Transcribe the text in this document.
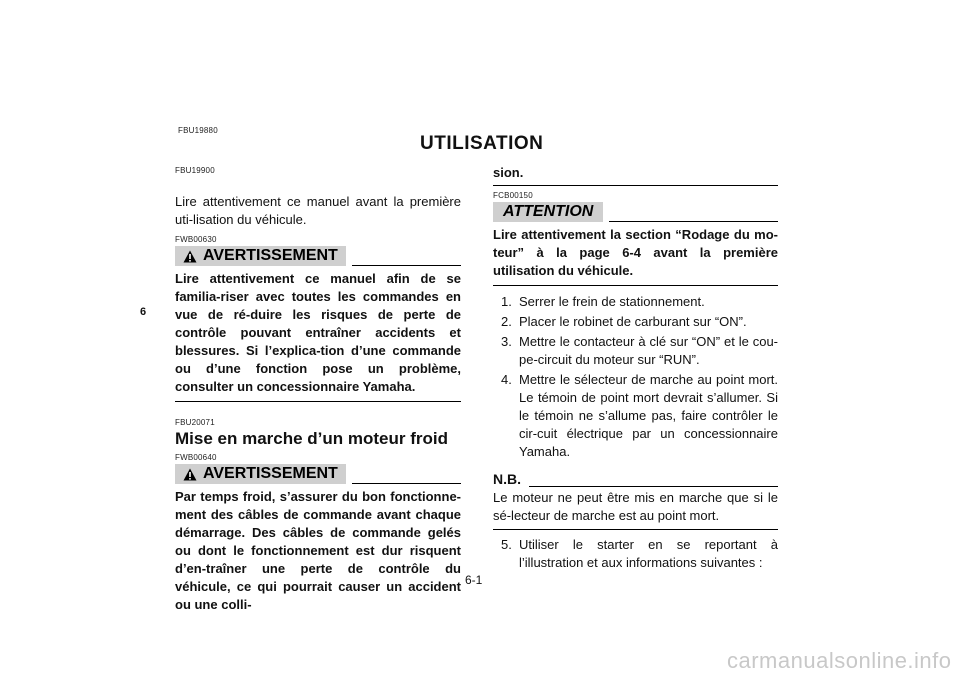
FBU19880
UTILISATION
6
FBU19900
Lire attentivement ce manuel avant la première uti-lisation du véhicule.
FWB00630
AVERTISSEMENT
Lire attentivement ce manuel afin de se familia-riser avec toutes les commandes en vue de ré-duire les risques de perte de contrôle pouvant entraîner accidents et blessures. Si l’explica-tion d’une commande ou d’une fonction pose un problème, consulter un concessionnaire Yamaha.
FBU20071
Mise en marche d’un moteur froid
FWB00640
AVERTISSEMENT
Par temps froid, s’assurer du bon fonctionne-ment des câbles de commande avant chaque démarrage. Des câbles de commande gelés ou dont le fonctionnement est dur risquent d’en-traîner une perte de contrôle du véhicule, ce qui pourrait causer un accident ou une colli-
sion.
FCB00150
ATTENTION
Lire attentivement la section “Rodage du mo-teur” à la page 6-4 avant la première utilisation du véhicule.
1. Serrer le frein de stationnement.
2. Placer le robinet de carburant sur “ON”.
3. Mettre le contacteur à clé sur “ON” et le cou-pe-circuit du moteur sur “RUN”.
4. Mettre le sélecteur de marche au point mort. Le témoin de point mort devrait s’allumer. Si le témoin ne s’allume pas, faire contrôler le cir-cuit électrique par un concessionnaire Yamaha.
N.B.
Le moteur ne peut être mis en marche que si le sé-lecteur de marche est au point mort.
5. Utiliser le starter en se reportant à l’illustration et aux informations suivantes :
6-1
carmanualsonline.info
